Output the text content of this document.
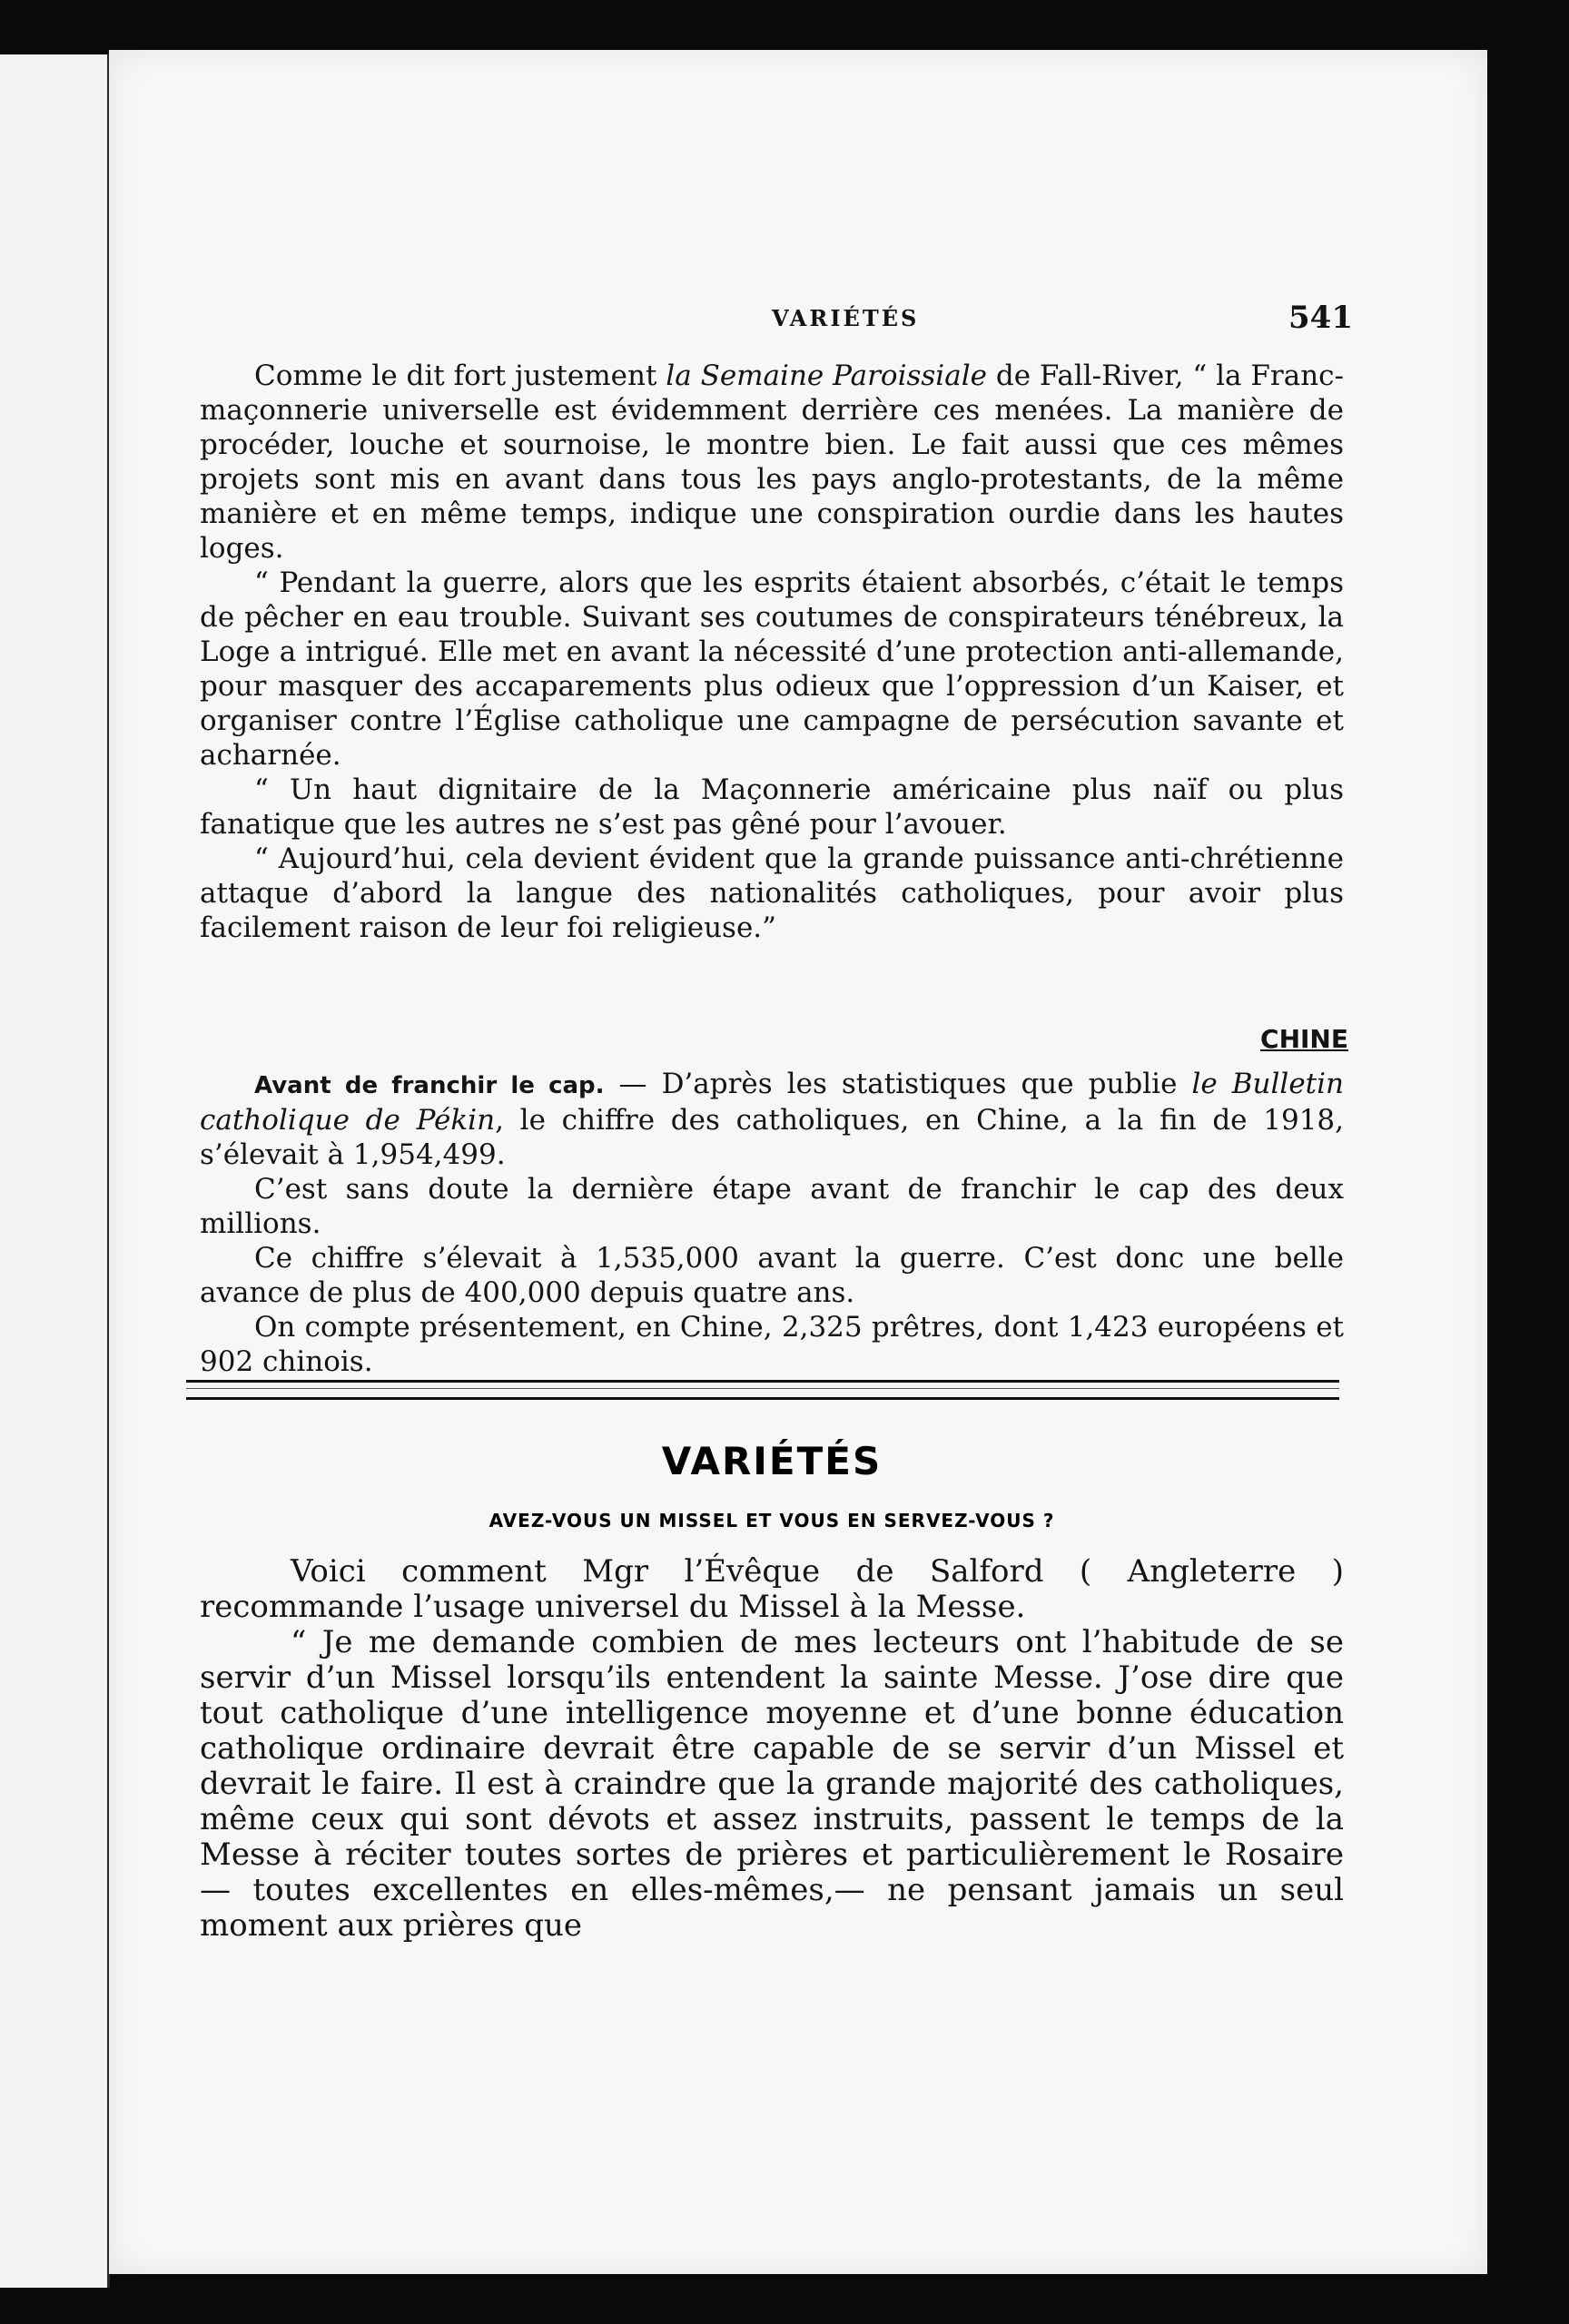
VARIÉTÉS	541

Comme le dit fort justement la Semaine Paroissiale de Fall-River, “ la Franc-maçonnerie universelle est évidemment derrière ces menées. La manière de procéder, louche et sournoise, le montre bien. Le fait aussi que ces mêmes projets sont mis en avant dans tous les pays anglo-protestants, de la même manière et en même temps, indique une conspiration ourdie dans les hautes loges.

“ Pendant la guerre, alors que les esprits étaient absorbés, c’était le temps de pêcher en eau trouble. Suivant ses coutumes de conspirateurs ténébreux, la Loge a intrigué. Elle met en avant la nécessité d’une protection anti-allemande, pour masquer des accaparements plus odieux que l’oppression d’un Kaiser, et organiser contre l’Église catholique une campagne de persécution savante et acharnée.

“ Un haut dignitaire de la Maçonnerie américaine plus naïf ou plus fanatique que les autres ne s’est pas gêné pour l’avouer.

“ Aujourd’hui, cela devient évident que la grande puissance anti-chrétienne attaque d’abord la langue des nationalités catholiques, pour avoir plus facilement raison de leur foi religieuse.”

CHINE

Avant de franchir le cap. — D’après les statistiques que publie le Bulletin catholique de Pékin, le chiffre des catholiques, en Chine, a la fin de 1918, s’élevait à 1,954,499.

C’est sans doute la dernière étape avant de franchir le cap des deux millions.

Ce chiffre s’élevait à 1,535,000 avant la guerre. C’est donc une belle avance de plus de 400,000 depuis quatre ans.

On compte présentement, en Chine, 2,325 prêtres, dont 1,423 européens et 902 chinois.

VARIÉTÉS
AVEZ-VOUS UN MISSEL ET VOUS EN SERVEZ-VOUS ?

Voici comment Mgr l’Évêque de Salford ( Angleterre ) recommande l’usage universel du Missel à la Messe.

“ Je me demande combien de mes lecteurs ont l’habitude de se servir d’un Missel lorsqu’ils entendent la sainte Messe. J’ose dire que tout catholique d’une intelligence moyenne et d’une bonne éducation catholique ordinaire devrait être capable de se servir d’un Missel et devrait le faire. Il est à craindre que la grande majorité des catholiques, même ceux qui sont dévots et assez instruits, passent le temps de la Messe à réciter toutes sortes de prières et particulièrement le Rosaire — toutes excellentes en elles-mêmes,— ne pensant jamais un seul moment aux prières que
